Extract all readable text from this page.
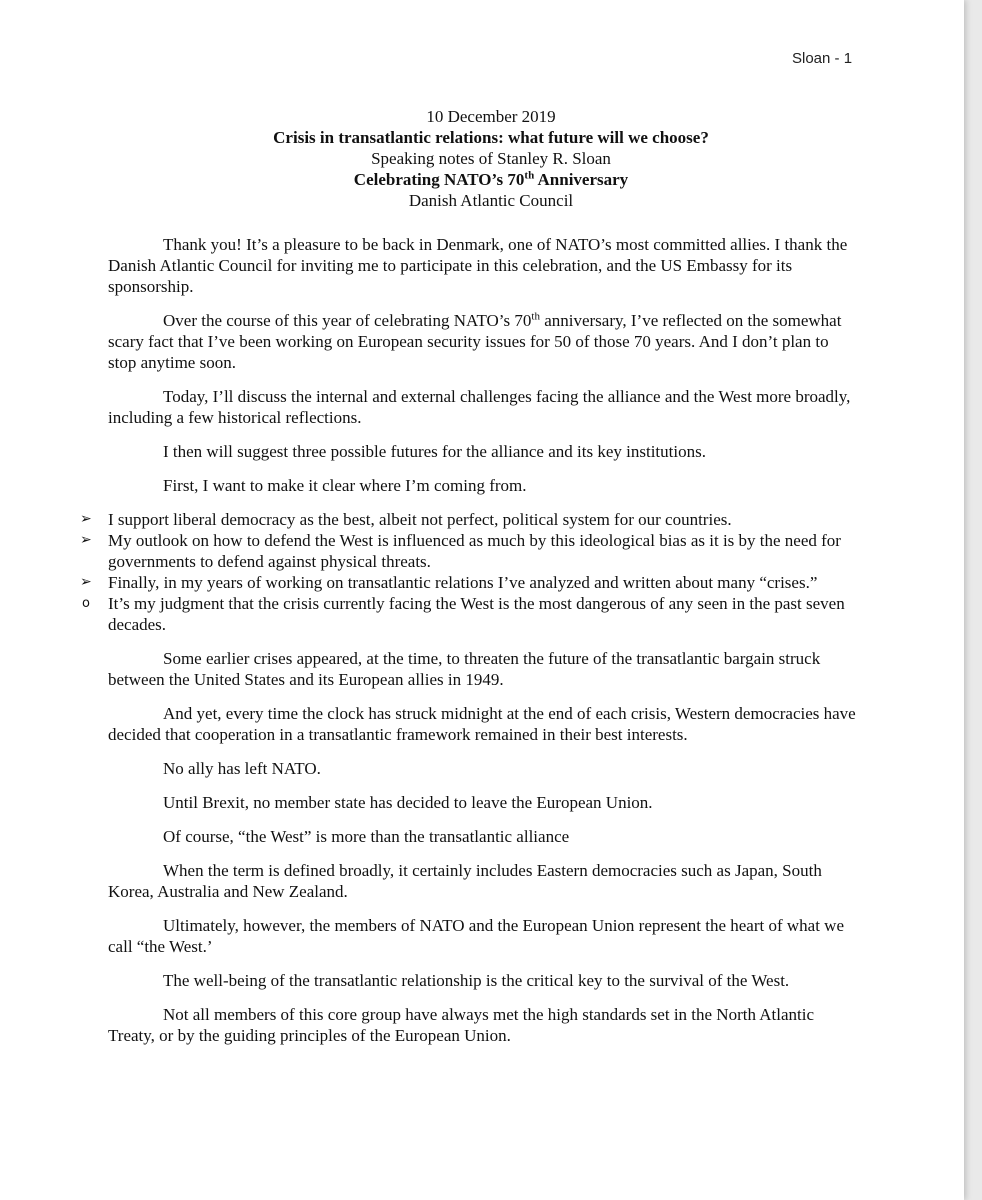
Sloan - 1
10 December 2019
Crisis in transatlantic relations: what future will we choose?
Speaking notes of Stanley R. Sloan
Celebrating NATO’s 70th Anniversary
Danish Atlantic Council

Thank you! It’s a pleasure to be back in Denmark, one of NATO’s most committed allies. I thank the Danish Atlantic Council for inviting me to participate in this celebration, and the US Embassy for its sponsorship.

Over the course of this year of celebrating NATO’s 70th anniversary, I’ve reflected on the somewhat scary fact that I’ve been working on European security issues for 50 of those 70 years. And I don’t plan to stop anytime soon.

Today, I’ll discuss the internal and external challenges facing the alliance and the West more broadly, including a few historical reflections.

I then will suggest three possible futures for the alliance and its key institutions.

First, I want to make it clear where I’m coming from.

➢ I support liberal democracy as the best, albeit not perfect, political system for our countries.
➢ My outlook on how to defend the West is influenced as much by this ideological bias as it is by the need for governments to defend against physical threats.
➢ Finally, in my years of working on transatlantic relations I’ve analyzed and written about many “crises.”
o It’s my judgment that the crisis currently facing the West is the most dangerous of any seen in the past seven decades.

Some earlier crises appeared, at the time, to threaten the future of the transatlantic bargain struck between the United States and its European allies in 1949.

And yet, every time the clock has struck midnight at the end of each crisis, Western democracies have decided that cooperation in a transatlantic framework remained in their best interests.

No ally has left NATO.

Until Brexit, no member state has decided to leave the European Union.

Of course, “the West” is more than the transatlantic alliance

When the term is defined broadly, it certainly includes Eastern democracies such as Japan, South Korea, Australia and New Zealand.

Ultimately, however, the members of NATO and the European Union represent the heart of what we call “the West.’

The well-being of the transatlantic relationship is the critical key to the survival of the West.

Not all members of this core group have always met the high standards set in the North Atlantic Treaty, or by the guiding principles of the European Union.
